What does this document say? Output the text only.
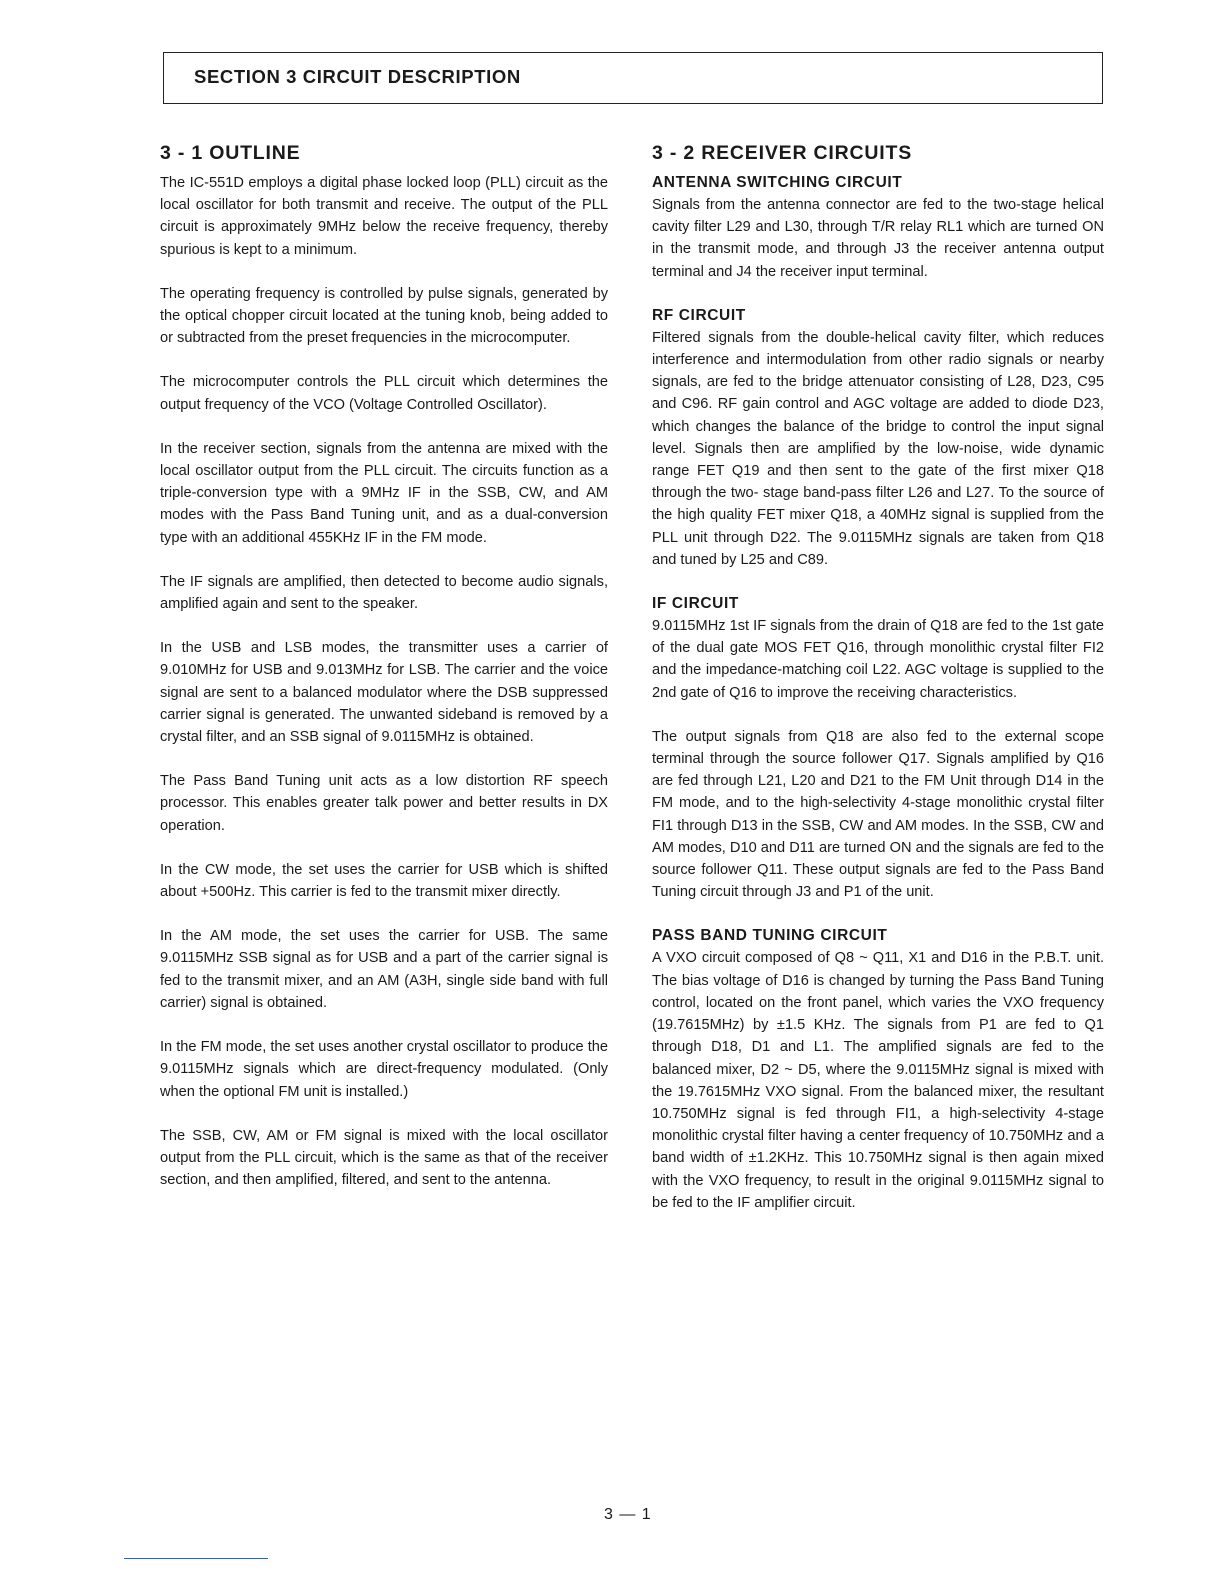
SECTION 3 CIRCUIT DESCRIPTION
3 - 1 OUTLINE

The IC-551D employs a digital phase locked loop (PLL) circuit as the local oscillator for both transmit and receive. The output of the PLL circuit is approximately 9MHz below the receive frequency, thereby spurious is kept to a minimum.

The operating frequency is controlled by pulse signals, generated by the optical chopper circuit located at the tuning knob, being added to or subtracted from the preset frequencies in the microcomputer.

The microcomputer controls the PLL circuit which determines the output frequency of the VCO (Voltage Controlled Oscillator).

In the receiver section, signals from the antenna are mixed with the local oscillator output from the PLL circuit. The circuits function as a triple-conversion type with a 9MHz IF in the SSB, CW, and AM modes with the Pass Band Tuning unit, and as a dual-conversion type with an additional 455KHz IF in the FM mode.

The IF signals are amplified, then detected to become audio signals, amplified again and sent to the speaker.

In the USB and LSB modes, the transmitter uses a carrier of 9.010MHz for USB and 9.013MHz for LSB. The carrier and the voice signal are sent to a balanced modulator where the DSB suppressed carrier signal is generated. The unwanted sideband is removed by a crystal filter, and an SSB signal of 9.0115MHz is obtained.

The Pass Band Tuning unit acts as a low distortion RF speech processor. This enables greater talk power and better results in DX operation.

In the CW mode, the set uses the carrier for USB which is shifted about +500Hz. This carrier is fed to the transmit mixer directly.

In the AM mode, the set uses the carrier for USB. The same 9.0115MHz SSB signal as for USB and a part of the carrier signal is fed to the transmit mixer, and an AM (A3H, single side band with full carrier) signal is obtained.

In the FM mode, the set uses another crystal oscillator to produce the 9.0115MHz signals which are direct-frequency modulated. (Only when the optional FM unit is installed.)

The SSB, CW, AM or FM signal is mixed with the local oscillator output from the PLL circuit, which is the same as that of the receiver section, and then amplified, filtered, and sent to the antenna.

3 - 2 RECEIVER CIRCUITS
ANTENNA SWITCHING CIRCUIT

Signals from the antenna connector are fed to the two-stage helical cavity filter L29 and L30, through T/R relay RL1 which are turned ON in the transmit mode, and through J3 the receiver antenna output terminal and J4 the receiver input terminal.

RF CIRCUIT

Filtered signals from the double-helical cavity filter, which reduces interference and intermodulation from other radio signals or nearby signals, are fed to the bridge attenuator consisting of L28, D23, C95 and C96. RF gain control and AGC voltage are added to diode D23, which changes the balance of the bridge to control the input signal level. Signals then are amplified by the low-noise, wide dynamic range FET Q19 and then sent to the gate of the first mixer Q18 through the two- stage band-pass filter L26 and L27. To the source of the high quality FET mixer Q18, a 40MHz signal is supplied from the PLL unit through D22. The 9.0115MHz signals are taken from Q18 and tuned by L25 and C89.

IF CIRCUIT

9.0115MHz 1st IF signals from the drain of Q18 are fed to the 1st gate of the dual gate MOS FET Q16, through monolithic crystal filter FI2 and the impedance-matching coil L22. AGC voltage is supplied to the 2nd gate of Q16 to improve the receiving characteristics.

The output signals from Q18 are also fed to the external scope terminal through the source follower Q17. Signals amplified by Q16 are fed through L21, L20 and D21 to the FM Unit through D14 in the FM mode, and to the high-selectivity 4-stage monolithic crystal filter FI1 through D13 in the SSB, CW and AM modes. In the SSB, CW and AM modes, D10 and D11 are turned ON and the signals are fed to the source follower Q11. These output signals are fed to the Pass Band Tuning circuit through J3 and P1 of the unit.

PASS BAND TUNING CIRCUIT

A VXO circuit composed of Q8 ~ Q11, X1 and D16 in the P.B.T. unit. The bias voltage of D16 is changed by turning the Pass Band Tuning control, located on the front panel, which varies the VXO frequency (19.7615MHz) by ±1.5 KHz. The signals from P1 are fed to Q1 through D18, D1 and L1. The amplified signals are fed to the balanced mixer, D2 ~ D5, where the 9.0115MHz signal is mixed with the 19.7615MHz VXO signal. From the balanced mixer, the resultant 10.750MHz signal is fed through FI1, a high-selectivity 4-stage monolithic crystal filter having a center frequency of 10.750MHz and a band width of ±1.2KHz. This 10.750MHz signal is then again mixed with the VXO frequency, to result in the original 9.0115MHz signal to be fed to the IF amplifier circuit.

3 — 1
